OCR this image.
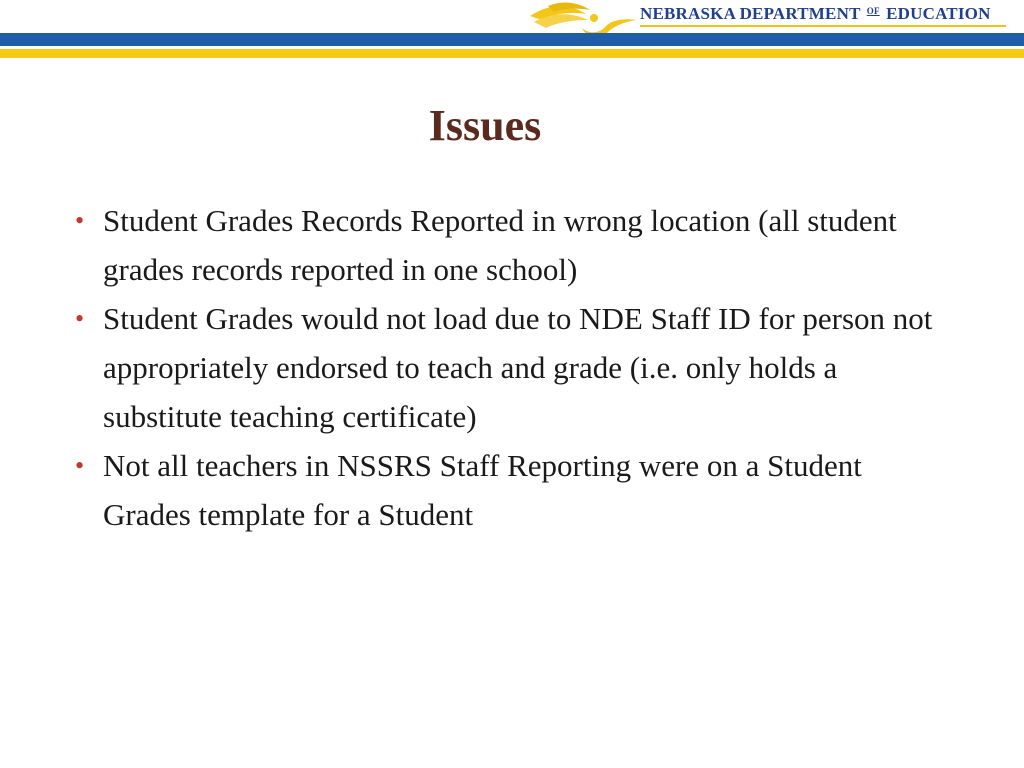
NEBRASKA DEPARTMENT $^{OF}$ EDUCATION
Issues
• Student Grades Records Reported in wrong location (all student grades records reported in one school)
• Student Grades would not load due to NDE Staff ID for person not appropriately endorsed to teach and grade (i.e. only holds a substitute teaching certificate)
• Not all teachers in NSSRS Staff Reporting were on a Student Grades template for a Student
